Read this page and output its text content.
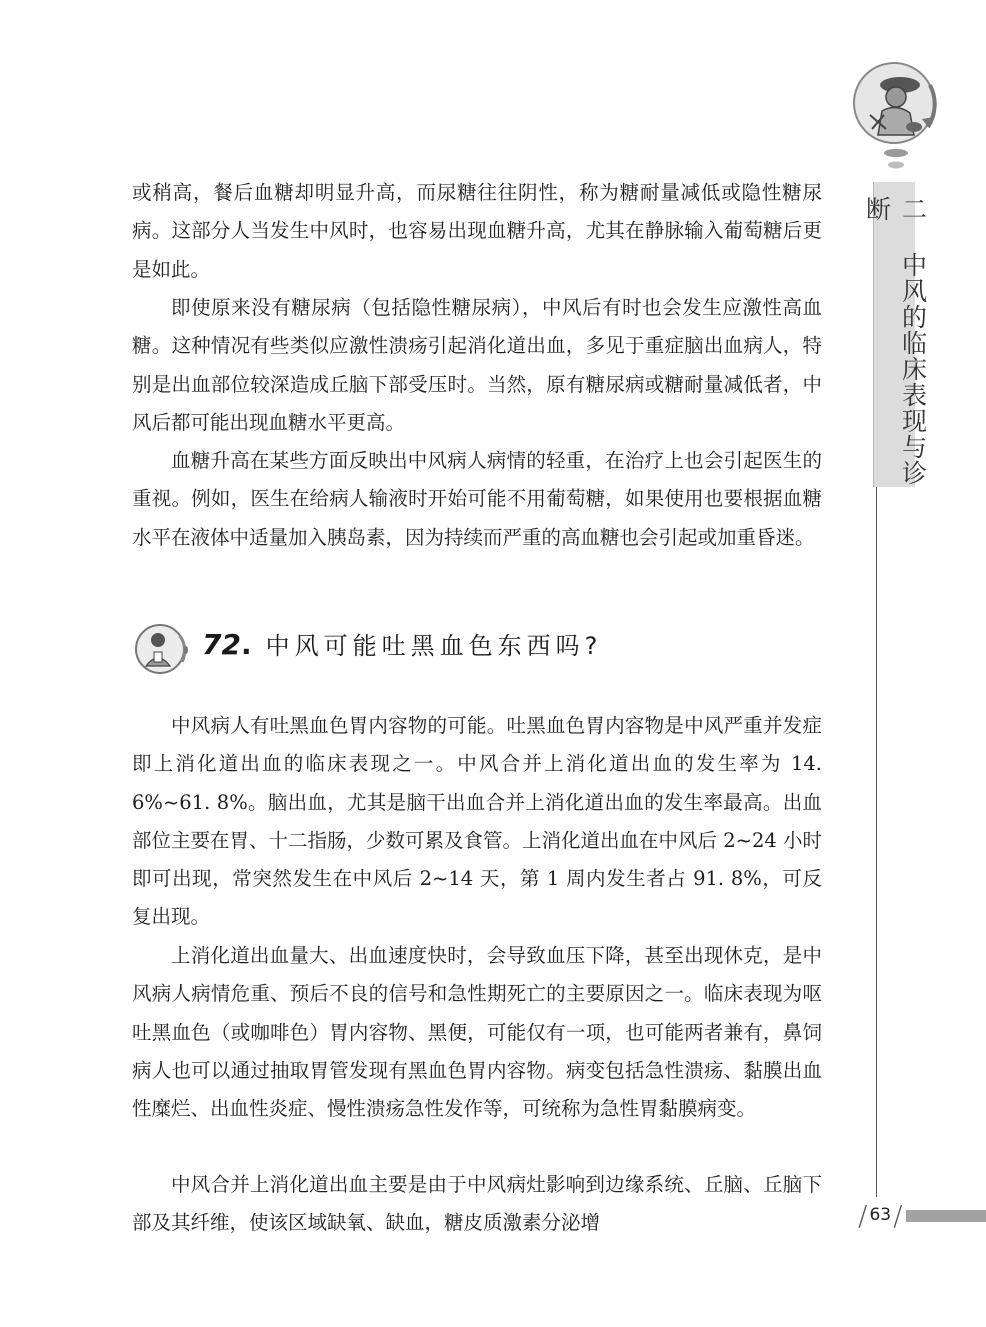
二 中风的临床表现与诊断

或稍高，餐后血糖却明显升高，而尿糖往往阴性，称为糖耐量减低或隐性糖尿病。这部分人当发生中风时，也容易出现血糖升高，尤其在静脉输入葡萄糖后更是如此。

即使原来没有糖尿病（包括隐性糖尿病），中风后有时也会发生应激性高血糖。这种情况有些类似应激性溃疡引起消化道出血，多见于重症脑出血病人，特别是出血部位较深造成丘脑下部受压时。当然，原有糖尿病或糖耐量减低者，中风后都可能出现血糖水平更高。

血糖升高在某些方面反映出中风病人病情的轻重，在治疗上也会引起医生的重视。例如，医生在给病人输液时开始可能不用葡萄糖，如果使用也要根据血糖水平在液体中适量加入胰岛素，因为持续而严重的高血糖也会引起或加重昏迷。

72 . 中风可能吐黑血色东西吗?

中风病人有吐黑血色胃内容物的可能。吐黑血色胃内容物是中风严重并发症即上消化道出血的临床表现之一。中风合并上消化道出血的发生率为 14. 6%~61. 8%。脑出血，尤其是脑干出血合并上消化道出血的发生率最高。出血部位主要在胃、十二指肠，少数可累及食管。上消化道出血在中风后 2~24 小时即可出现，常突然发生在中风后 2~14 天，第 1 周内发生者占 91. 8%，可反复出现。

上消化道出血量大、出血速度快时，会导致血压下降，甚至出现休克，是中风病人病情危重、预后不良的信号和急性期死亡的主要原因之一。临床表现为呕吐黑血色（或咖啡色）胃内容物、黑便，可能仅有一项，也可能两者兼有，鼻饲病人也可以通过抽取胃管发现有黑血色胃内容物。病变包括急性溃疡、黏膜出血性糜烂、出血性炎症、慢性溃疡急性发作等，可统称为急性胃黏膜病变。

中风合并上消化道出血主要是由于中风病灶影响到边缘系统、丘脑、丘脑下部及其纤维，使该区域缺氧、缺血，糖皮质激素分泌增	/ 63 /
